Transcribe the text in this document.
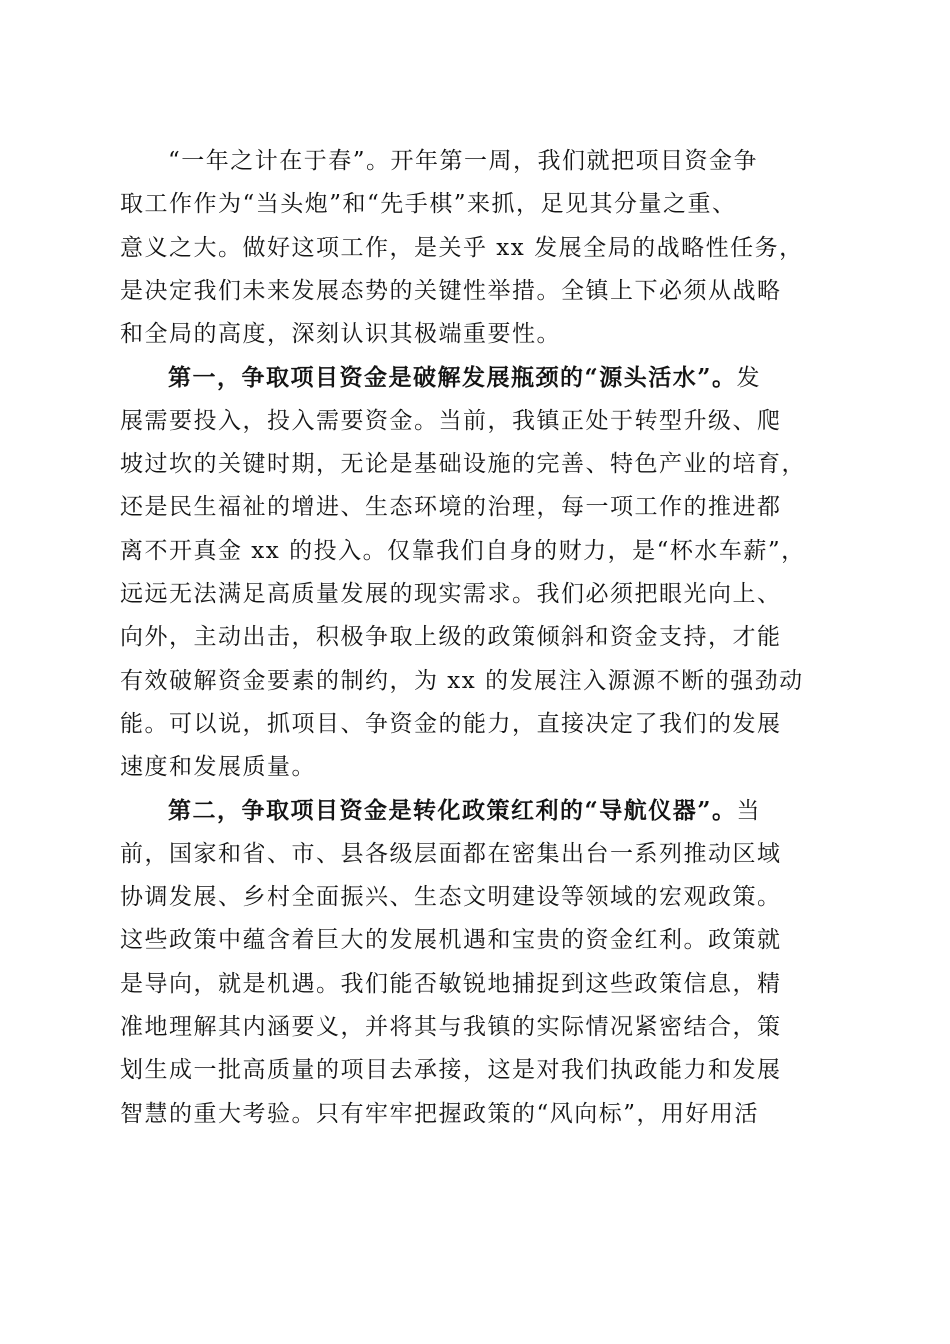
“一年之计在于春”。开年第一周，我们就把项目资金争
取工作作为“当头炮”和“先手棋”来抓，足见其分量之重、
意义之大。做好这项工作，是关乎 xx 发展全局的战略性任务，
是决定我们未来发展态势的关键性举措。全镇上下必须从战略
和全局的高度，深刻认识其极端重要性。
第一，争取项目资金是破解发展瓶颈的“源头活水”。发
展需要投入，投入需要资金。当前，我镇正处于转型升级、爬
坡过坎的关键时期，无论是基础设施的完善、特色产业的培育，
还是民生福祉的增进、生态环境的治理，每一项工作的推进都
离不开真金 xx 的投入。仅靠我们自身的财力，是“杯水车薪”，
远远无法满足高质量发展的现实需求。我们必须把眼光向上、
向外，主动出击，积极争取上级的政策倾斜和资金支持，才能
有效破解资金要素的制约，为 xx 的发展注入源源不断的强劲动
能。可以说，抓项目、争资金的能力，直接决定了我们的发展
速度和发展质量。
第二，争取项目资金是转化政策红利的“导航仪器”。当
前，国家和省、市、县各级层面都在密集出台一系列推动区域
协调发展、乡村全面振兴、生态文明建设等领域的宏观政策。
这些政策中蕴含着巨大的发展机遇和宝贵的资金红利。政策就
是导向，就是机遇。我们能否敏锐地捕捉到这些政策信息，精
准地理解其内涵要义，并将其与我镇的实际情况紧密结合，策
划生成一批高质量的项目去承接，这是对我们执政能力和发展
智慧的重大考验。只有牢牢把握政策的“风向标”，用好用活
